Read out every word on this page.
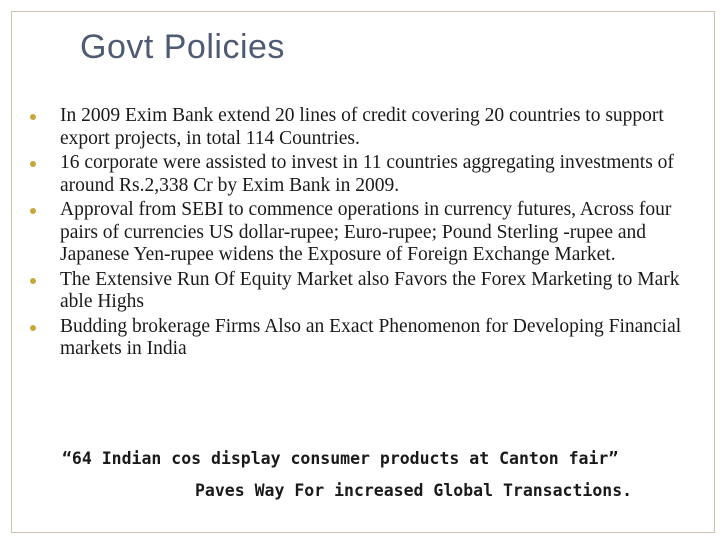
Govt Policies
In 2009 Exim Bank extend 20 lines of credit covering 20 countries to support export projects, in total 114 Countries.
16 corporate were assisted to invest in 11 countries aggregating investments of around Rs.2,338 Cr by Exim Bank in 2009.
Approval from SEBI to commence operations in currency futures, Across four pairs of currencies US dollar-rupee; Euro-rupee; Pound Sterling -rupee and Japanese Yen-rupee widens the Exposure of Foreign Exchange Market.
The Extensive Run Of Equity Market also Favors the Forex Marketing to Mark able Highs
Budding brokerage Firms Also an Exact Phenomenon for Developing Financial markets in India
“64 Indian cos display consumer products at Canton fair”
Paves Way For increased Global Transactions.
